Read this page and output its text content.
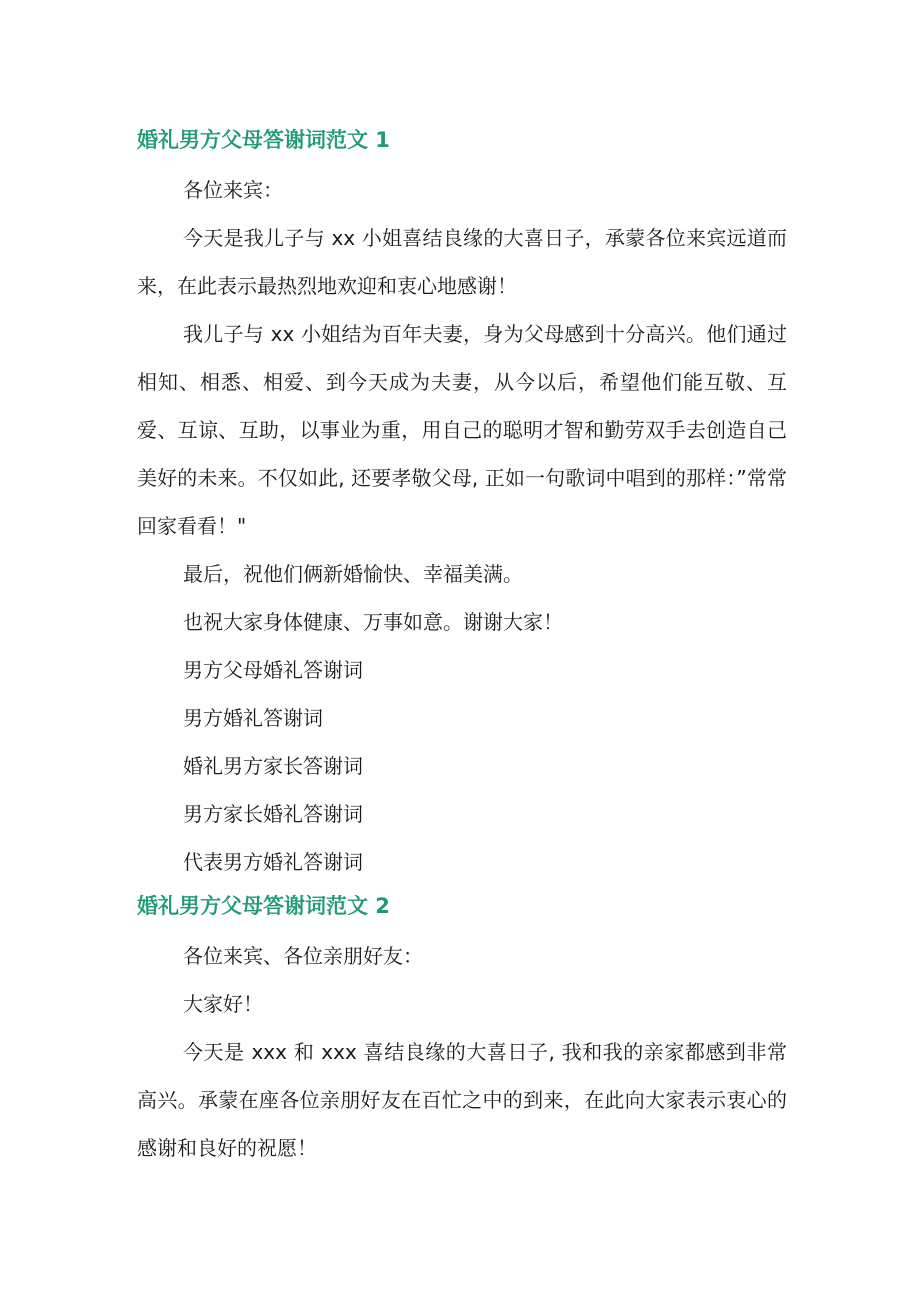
婚礼男方父母答谢词范文 1

各位来宾：

今天是我儿子与 xx 小姐喜结良缘的大喜日子，承蒙各位来宾远道而来，在此表示最热烈地欢迎和衷心地感谢！

我儿子与 xx 小姐结为百年夫妻，身为父母感到十分高兴。他们通过相知、相悉、相爱、到今天成为夫妻，从今以后，希望他们能互敬、互爱、互谅、互助，以事业为重，用自己的聪明才智和勤劳双手去创造自己美好的未来。不仅如此, 还要孝敬父母, 正如一句歌词中唱到的那样：”常常回家看看！"

最后，祝他们俩新婚愉快、幸福美满。

也祝大家身体健康、万事如意。谢谢大家！

男方父母婚礼答谢词

男方婚礼答谢词

婚礼男方家长答谢词

男方家长婚礼答谢词

代表男方婚礼答谢词

婚礼男方父母答谢词范文 2

各位来宾、各位亲朋好友：

大家好！

今天是 xxx 和 xxx 喜结良缘的大喜日子, 我和我的亲家都感到非常高兴。承蒙在座各位亲朋好友在百忙之中的到来，在此向大家表示衷心的感谢和良好的祝愿！
